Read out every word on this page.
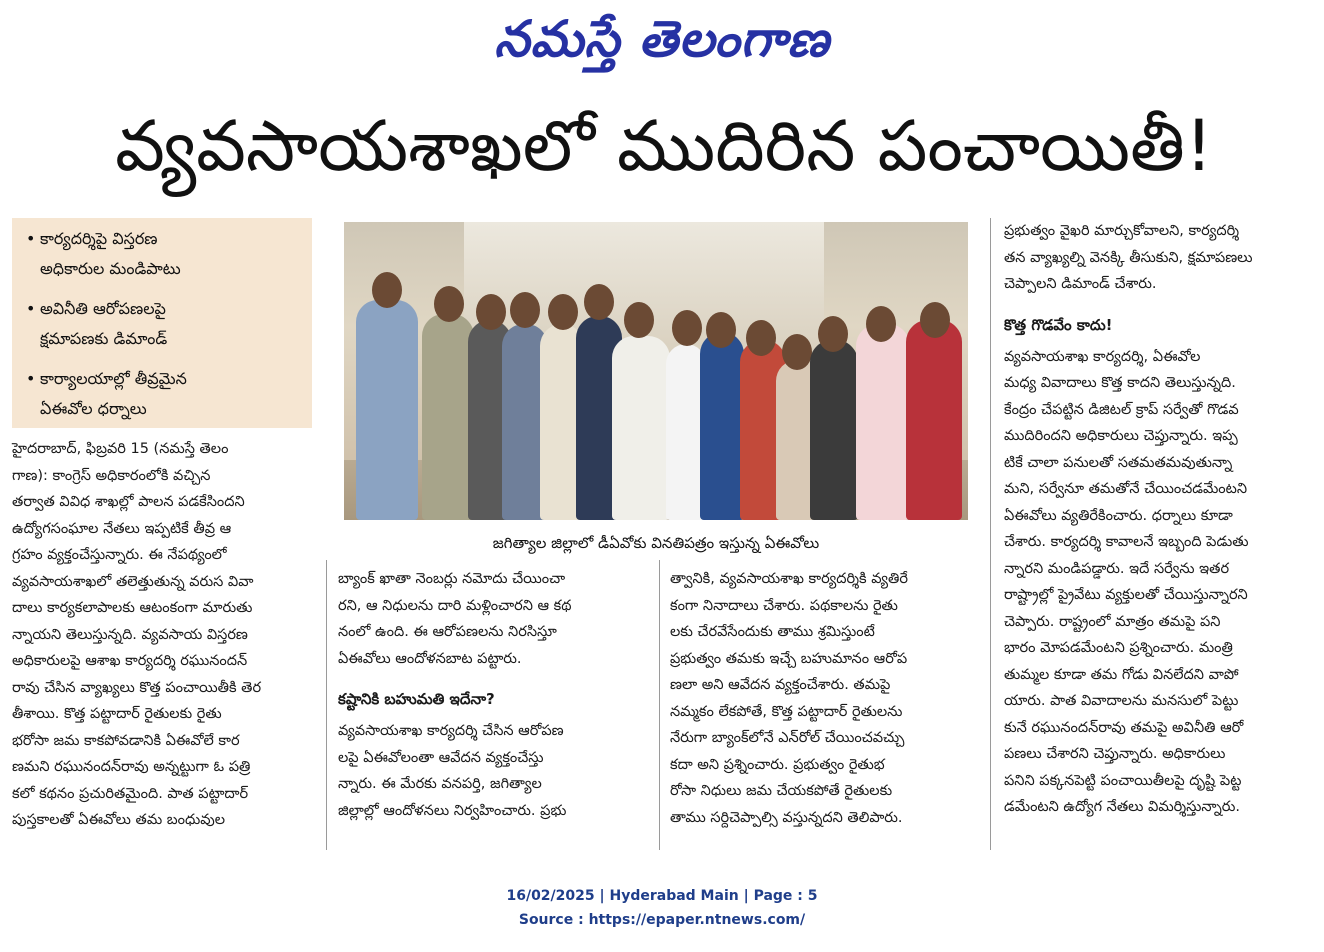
నమస్తే తెలంగాణ
వ్యవసాయశాఖలో ముదిరిన పంచాయితీ!
• కార్యదర్శిపై విస్తరణ
అధికారుల మండిపాటు
• అవినీతి ఆరోపణలపై
క్షమాపణకు డిమాండ్
• కార్యాలయాల్లో తీవ్రమైన
ఏఈవోల ధర్నాలు
జగిత్యాల జిల్లాలో డీఏవోకు వినతిపత్రం ఇస్తున్న ఏఈవోలు

హైదరాబాద్, ఫిబ్రవరి 15 (నమస్తే తెలం

గాణ): కాంగ్రెస్ అధికారంలోకి వచ్చిన

తర్వాత వివిధ శాఖల్లో పాలన పడకేసిందని

ఉద్యోగసంఘాల నేతలు ఇప్పటికే తీవ్ర ఆ

గ్రహం వ్యక్తంచేస్తున్నారు. ఈ నేపథ్యంలో

వ్యవసాయశాఖలో తలెత్తుతున్న వరుస వివా

దాలు కార్యకలాపాలకు ఆటంకంగా మారుతు

న్నాయని తెలుస్తున్నది. వ్యవసాయ విస్తరణ

అధికారులపై ఆశాఖ కార్యదర్శి రఘునందన్

రావు చేసిన వ్యాఖ్యలు కొత్త పంచాయితీకి తెర

తీశాయి. కొత్త పట్టాదార్ రైతులకు రైతు

భరోసా జమ కాకపోవడానికి ఏఈవోలే కార

ణమని రఘునందన్‌రావు అన్నట్టుగా ఓ పత్రి

కలో కథనం ప్రచురితమైంది. పాత పట్టాదార్

పుస్తకాలతో ఏఈవోలు తమ బంధువుల

బ్యాంక్ ఖాతా నెంబర్లు నమోదు చేయించా

రని, ఆ నిధులను దారి మళ్లించారని ఆ కథ

నంలో ఉంది. ఈ ఆరోపణలను నిరసిస్తూ

ఏఈవోలు ఆందోళనబాట పట్టారు.

కష్టానికి బహుమతి ఇదేనా?

వ్యవసాయశాఖ కార్యదర్శి చేసిన ఆరోపణ

లపై ఏఈవోలంతా ఆవేదన వ్యక్తంచేస్తు

న్నారు. ఈ మేరకు వనపర్తి, జగిత్యాల

జిల్లాల్లో ఆందోళనలు నిర్వహించారు. ప్రభు

త్వానికి, వ్యవసాయశాఖ కార్యదర్శికి వ్యతిరే

కంగా నినాదాలు చేశారు. పథకాలను రైతు

లకు చేరవేసేందుకు తాము శ్రమిస్తుంటే

ప్రభుత్వం తమకు ఇచ్చే బహుమానం ఆరోప

ణలా అని ఆవేదన వ్యక్తంచేశారు. తమపై

నమ్మకం లేకపోతే, కొత్త పట్టాదార్ రైతులను

నేరుగా బ్యాంక్‌లోనే ఎన్‌రోల్ చేయించవచ్చు

కదా అని ప్రశ్నించారు. ప్రభుత్వం రైతుభ

రోసా నిధులు జమ చేయకపోతే రైతులకు

తాము సర్దిచెప్పాల్సి వస్తున్నదని తెలిపారు.

ప్రభుత్వం వైఖరి మార్చుకోవాలని, కార్యదర్శి

తన వ్యాఖ్యల్ని వెనక్కి తీసుకుని, క్షమాపణలు

చెప్పాలని డిమాండ్ చేశారు.

కొత్త గొడవేం కాదు!

వ్యవసాయశాఖ కార్యదర్శి, ఏఈవోల

మధ్య వివాదాలు కొత్త కాదని తెలుస్తున్నది.

కేంద్రం చేపట్టిన డిజిటల్ క్రాప్ సర్వేతో గొడవ

ముదిరిందని అధికారులు చెప్తున్నారు. ఇప్ప

టికే చాలా పనులతో సతమతమవుతున్నా

మని, సర్వేనూ తమతోనే చేయించడమేంటని

ఏఈవోలు వ్యతిరేకించారు. ధర్నాలు కూడా

చేశారు. కార్యదర్శి కావాలనే ఇబ్బంది పెడుతు

న్నారని మండిపడ్డారు. ఇదే సర్వేను ఇతర

రాష్ట్రాల్లో ప్రైవేటు వ్యక్తులతో చేయిస్తున్నారని

చెప్పారు. రాష్ట్రంలో మాత్రం తమపై పని

భారం మోపడమేంటని ప్రశ్నించారు. మంత్రి

తుమ్మల కూడా తమ గోడు వినలేదని వాపో

యారు. పాత వివాదాలను మనసులో పెట్టు

కునే రఘునందన్‌రావు తమపై అవినీతి ఆరో

పణలు చేశారని చెప్తున్నారు. అధికారులు

పనిని పక్కనపెట్టి పంచాయితీలపై దృష్టి పెట్ట

డమేంటని ఉద్యోగ నేతలు విమర్శిస్తున్నారు.

16/02/2025 | Hyderabad Main | Page : 5
Source : https://epaper.ntnews.com/
